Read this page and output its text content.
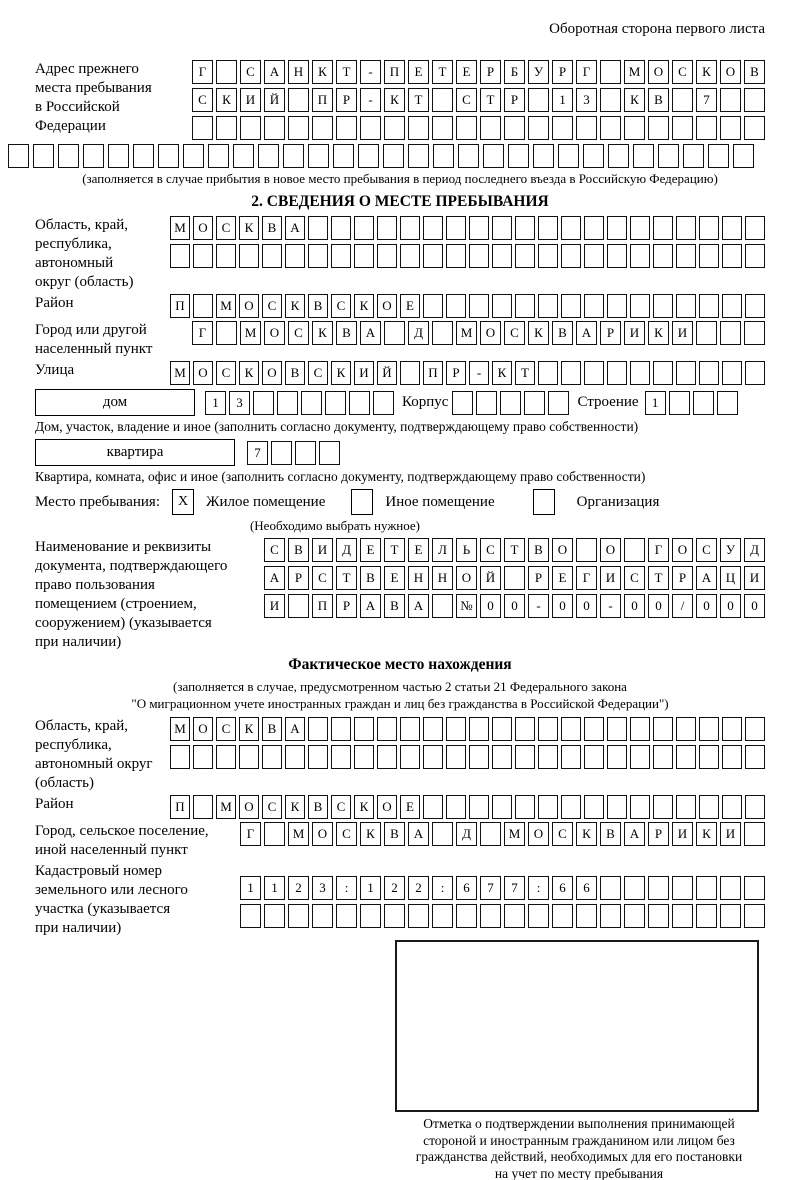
Оборотная сторона первого листа
Адрес прежнего
места пребывания
в Российской
Федерации
Г	С	А	Н	К	Т	-	П	Е	Т	Е	Р	Б	У	Р	Г	М	О	С	К	О	В
С	К	И	Й	П	Р	-	К	Т	С	Т	Р	1	3	К	В	7
(заполняется в случае прибытия в новое место пребывания в период последнего въезда в Российскую Федерацию)
2. СВЕДЕНИЯ О МЕСТЕ ПРЕБЫВАНИЯ
Область, край,
республика,
автономный
округ (область)
М О	С	К	В	А
Район	П	М О	С	К	В	С	К	О	Е
Город или другой
населенный пункт
Г	М	О	С	К	В	А	Д	М	О	С	К	В	А	Р	И	К	И
Улица	М О	С	К	О	В	С	К	И	Й	П	Р	-	К	Т
дом	1	3	Корпус	Строение	1
Дом, участок, владение и иное (заполнить согласно документу, подтверждающему право собственности)
квартира	7
Квартира, комната, офис и иное (заполнить согласно документу, подтверждающему право собственности)
Место пребывания:	X	Жилое помещение	Иное помещение	Организация
(Необходимо выбрать нужное)
Наименование и реквизиты
документа, подтверждающего
право пользования
помещением (строением,
сооружением) (указывается
при наличии)
С	В	И	Д	Е	Т	Е	Л	Ь	С	Т	В	О	О	Г	О	С	У	Д
А	Р	С	Т	В	Е	Н	Н	О	Й	Р	Е	Г	И	С	Т	Р	А	Ц	И
И	П	Р	А	В	А	№	0	0	-	0	0	-	0	0	/	0	0	0
Фактическое место нахождения
(заполняется в случае, предусмотренном частью 2 статьи 21 Федерального закона
"О миграционном учете иностранных граждан и лиц без гражданства в Российской Федерации")
Область, край,
республика,
автономный округ
(область)
М О	С	К	В	А
Район	П	М О	С	К	В	С	К	О	Е
Город, сельское поселение,
иной населенный пункт
Г	М	О	С	К	В	А	Д	М	О	С	К	В	А	Р	И	К	И
Кадастровый номер
земельного или лесного
участка (указывается
при наличии)
1	1	2	3	:	1	2	2	:	6	7	7	:	6	6
Отметка о подтверждении выполнения принимающей
стороной и иностранным гражданином или лицом без
гражданства действий, необходимых для его постановки
на учет по месту пребывания
